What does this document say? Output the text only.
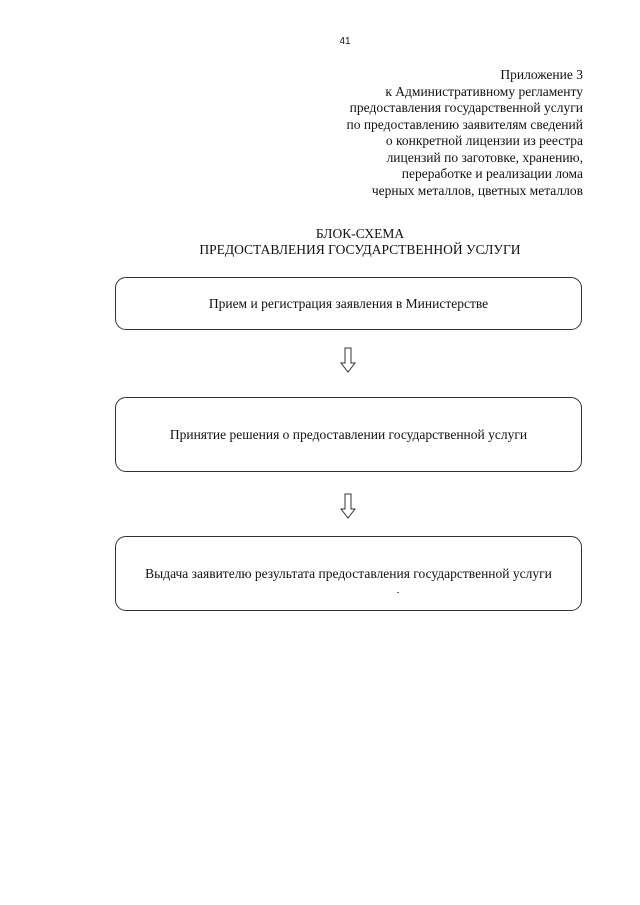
41
Приложение 3
к Административному регламенту
предоставления государственной услуги
по предоставлению заявителям сведений
о конкретной лицензии из реестра
лицензий по заготовке, хранению,
переработке и реализации лома
черных металлов, цветных металлов
БЛОК-СХЕМА
ПРЕДОСТАВЛЕНИЯ ГОСУДАРСТВЕННОЙ УСЛУГИ
Прием и регистрация заявления в Министерстве
Принятие решения о предоставлении государственной услуги
Выдача заявителю результата предоставления государственной услуги
